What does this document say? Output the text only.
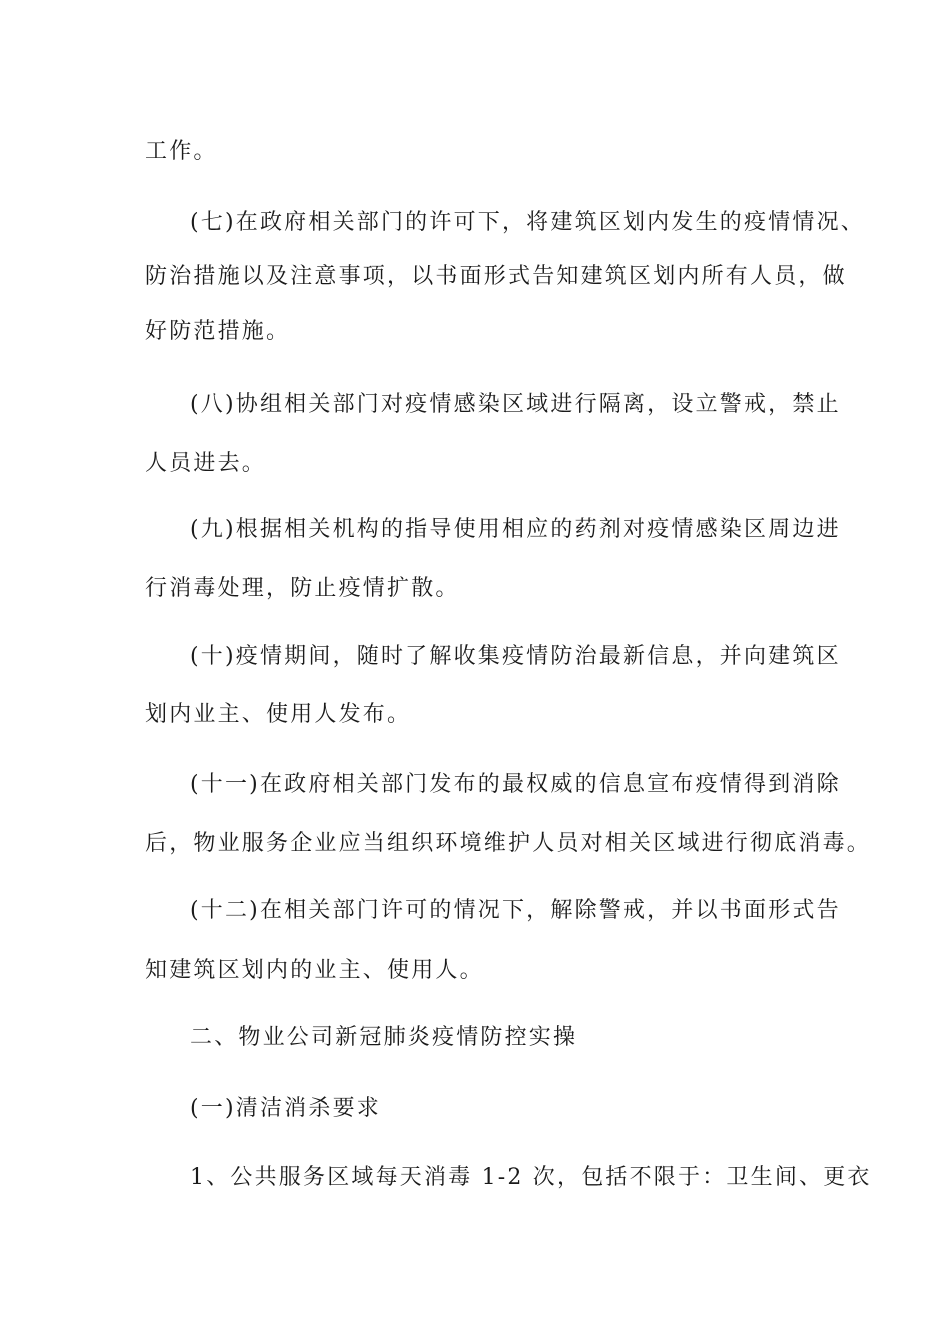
工作。
(七)在政府相关部门的许可下，将建筑区划内发生的疫情情况、
防治措施以及注意事项，以书面形式告知建筑区划内所有人员，做
好防范措施。
(八)协组相关部门对疫情感染区域进行隔离，设立警戒，禁止
人员进去。
(九)根据相关机构的指导使用相应的药剂对疫情感染区周边进
行消毒处理，防止疫情扩散。
(十)疫情期间，随时了解收集疫情防治最新信息，并向建筑区
划内业主、使用人发布。
(十一)在政府相关部门发布的最权威的信息宣布疫情得到消除
后，物业服务企业应当组织环境维护人员对相关区域进行彻底消毒。
(十二)在相关部门许可的情况下，解除警戒，并以书面形式告
知建筑区划内的业主、使用人。
二、物业公司新冠肺炎疫情防控实操
(一)清洁消杀要求
1、公共服务区域每天消毒 1-2 次，包括不限于：卫生间、更衣
